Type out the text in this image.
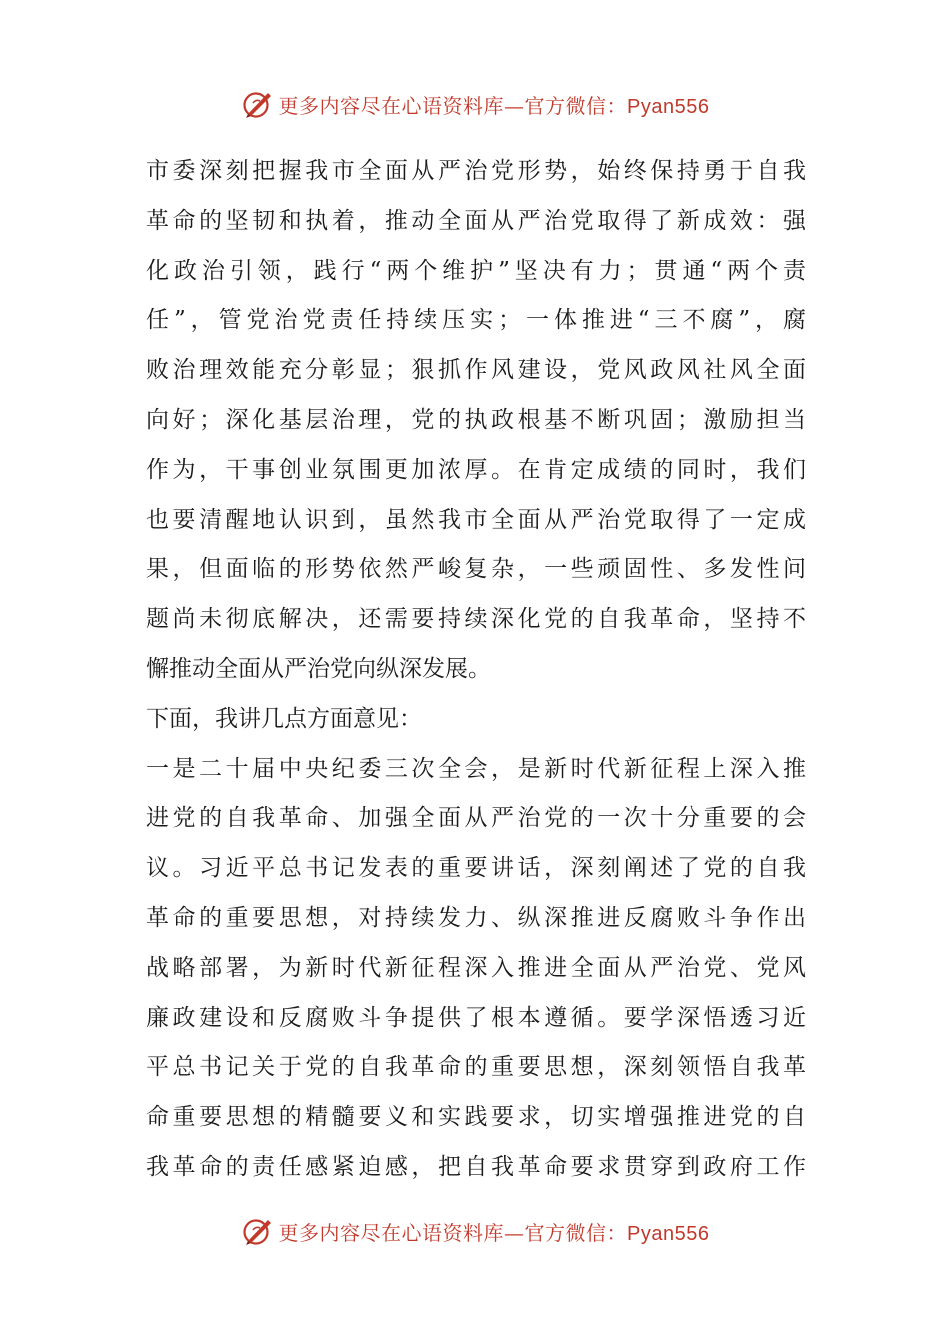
更多内容尽在心语资料库—官方微信：Pyan556
市委深刻把握我市全面从严治党形势，始终保持勇于自我
革命的坚韧和执着，推动全面从严治党取得了新成效：强
化政治引领，践行“两个维护”坚决有力；贯通“两个责
任”，管党治党责任持续压实；一体推进“三不腐”，腐
败治理效能充分彰显；狠抓作风建设，党风政风社风全面
向好；深化基层治理，党的执政根基不断巩固；激励担当
作为，干事创业氛围更加浓厚。在肯定成绩的同时，我们
也要清醒地认识到，虽然我市全面从严治党取得了一定成
果，但面临的形势依然严峻复杂，一些顽固性、多发性问
题尚未彻底解决，还需要持续深化党的自我革命，坚持不
懈推动全面从严治党向纵深发展。
下面，我讲几点方面意见：
一是二十届中央纪委三次全会，是新时代新征程上深入推
进党的自我革命、加强全面从严治党的一次十分重要的会
议。习近平总书记发表的重要讲话，深刻阐述了党的自我
革命的重要思想，对持续发力、纵深推进反腐败斗争作出
战略部署，为新时代新征程深入推进全面从严治党、党风
廉政建设和反腐败斗争提供了根本遵循。要学深悟透习近
平总书记关于党的自我革命的重要思想，深刻领悟自我革
命重要思想的精髓要义和实践要求，切实增强推进党的自
我革命的责任感紧迫感，把自我革命要求贯穿到政府工作
更多内容尽在心语资料库—官方微信：Pyan556
